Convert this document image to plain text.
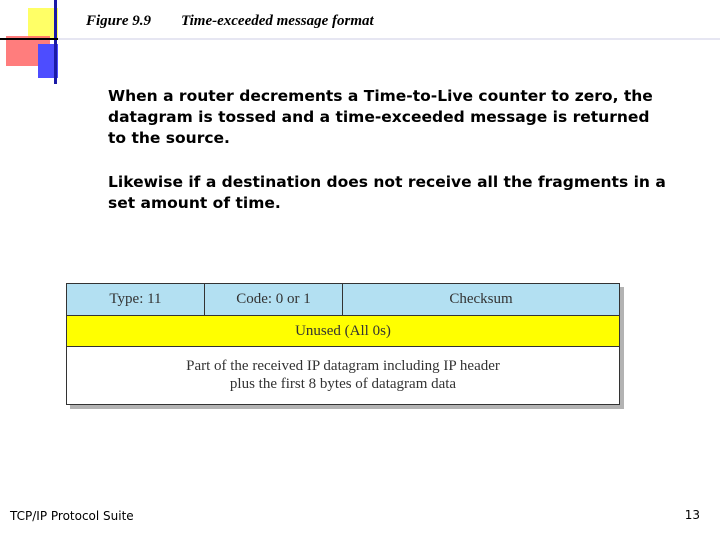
Figure 9.9 Time-exceeded message format

When a router decrements a Time-to-Live counter to zero, the datagram is tossed and a time-exceeded message is returned to the source.

Likewise if a destination does not receive all the fragments in a set amount of time.

Type: 11	Code: 0 or 1	Checksum
Unused (All 0s)
Part of the received IP datagram including IP header
plus the first 8 bytes of datagram data
TCP/IP Protocol Suite	13
